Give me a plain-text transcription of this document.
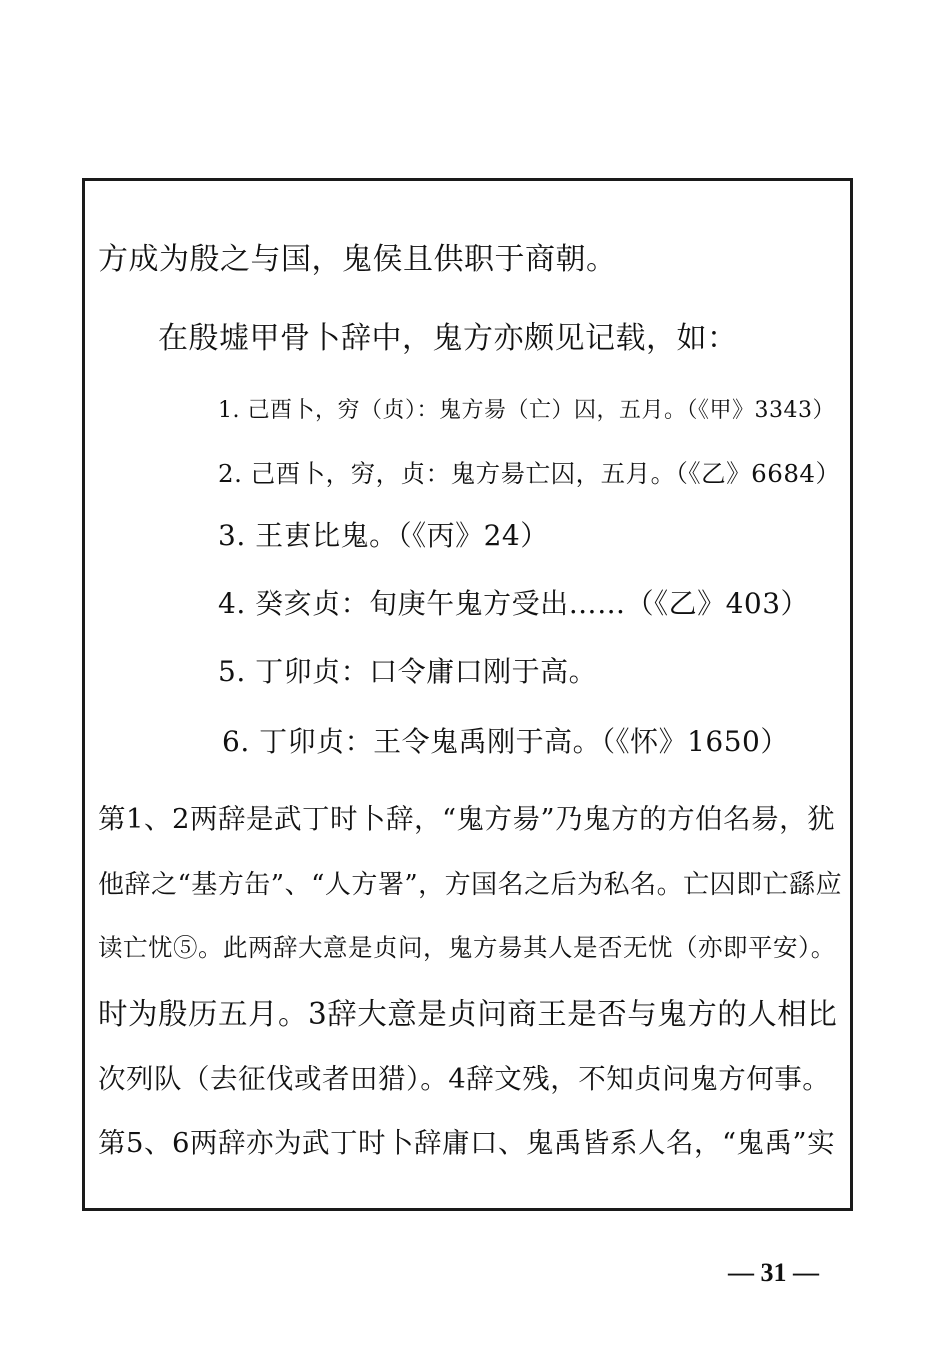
方成为殷之与国，鬼侯且供职于商朝。
在殷墟甲骨卜辞中，鬼方亦颇见记载，如：
1. 己酉卜，穷（贞）：鬼方昜（亡）囚，五月。（《甲》3343）
2. 己酉卜，穷，贞：鬼方昜亡囚，五月。（《乙》6684）
3. 王叀比鬼。（《丙》24）
4. 癸亥贞：旬庚午鬼方受出……（《乙》403）
5. 丁卯贞：口令庸口刚于高。
6. 丁卯贞：王令鬼禹刚于高。（《怀》1650）
第1、2两辞是武丁时卜辞，“鬼方昜”乃鬼方的方伯名昜，犹
他辞之“基方缶”、“人方署”，方国名之后为私名。亡囚即亡繇应
读亡忧⑤。此两辞大意是贞问，鬼方昜其人是否无忧（亦即平安）。
时为殷历五月。3辞大意是贞问商王是否与鬼方的人相比
次列队（去征伐或者田猎）。4辞文残，不知贞问鬼方何事。
第5、6两辞亦为武丁时卜辞庸口、鬼禹皆系人名，“鬼禹”实
— 31 —
